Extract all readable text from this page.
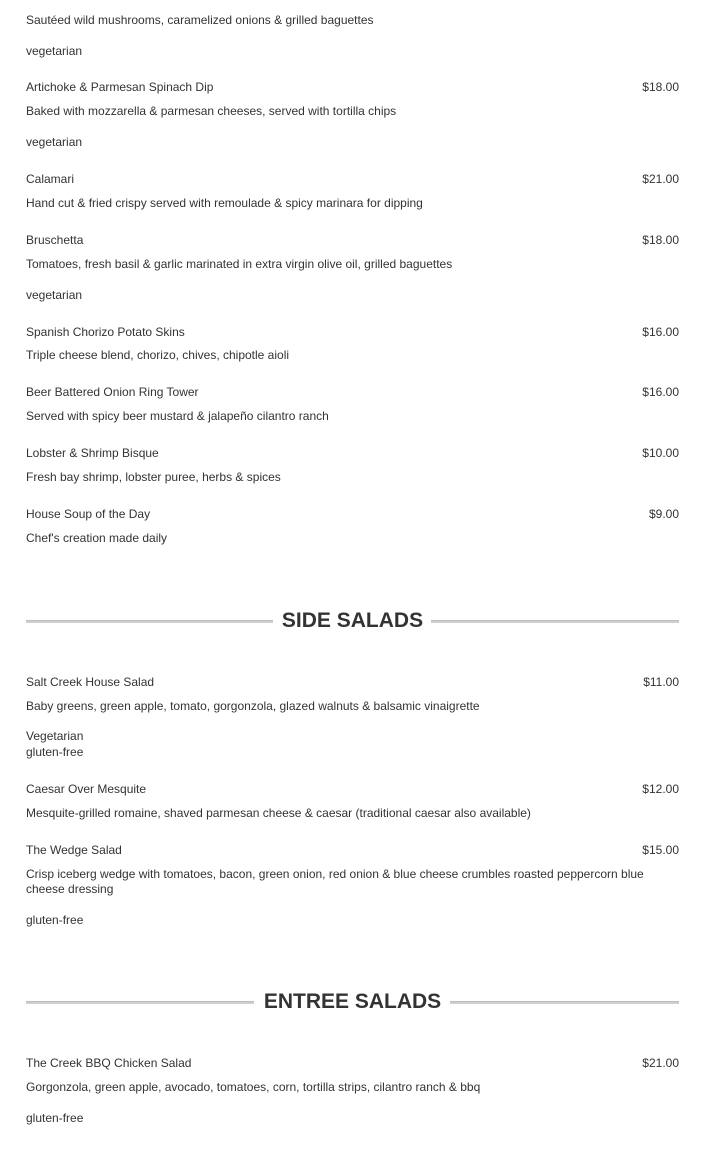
Sautéed wild mushrooms, caramelized onions & grilled baguettes
vegetarian
Artichoke & Parmesan Spinach Dip	$18.00
Baked with mozzarella & parmesan cheeses, served with tortilla chips
vegetarian
Calamari	$21.00
Hand cut & fried crispy served with remoulade & spicy marinara for dipping
Bruschetta	$18.00
Tomatoes, fresh basil & garlic marinated in extra virgin olive oil, grilled baguettes
vegetarian
Spanish Chorizo Potato Skins	$16.00
Triple cheese blend, chorizo, chives, chipotle aioli
Beer Battered Onion Ring Tower	$16.00
Served with spicy beer mustard & jalapeño cilantro ranch
Lobster & Shrimp Bisque	$10.00
Fresh bay shrimp, lobster puree, herbs & spices
House Soup of the Day	$9.00
Chef's creation made daily
SIDE SALADS
Salt Creek House Salad	$11.00
Baby greens, green apple, tomato, gorgonzola, glazed walnuts & balsamic vinaigrette
Vegetarian
gluten-free
Caesar Over Mesquite	$12.00
Mesquite-grilled romaine, shaved parmesan cheese & caesar (traditional caesar also available)
The Wedge Salad	$15.00
Crisp iceberg wedge with tomatoes, bacon, green onion, red onion & blue cheese crumbles roasted peppercorn blue cheese dressing
gluten-free
ENTREE SALADS
The Creek BBQ Chicken Salad	$21.00
Gorgonzola, green apple, avocado, tomatoes, corn, tortilla strips, cilantro ranch & bbq
gluten-free
